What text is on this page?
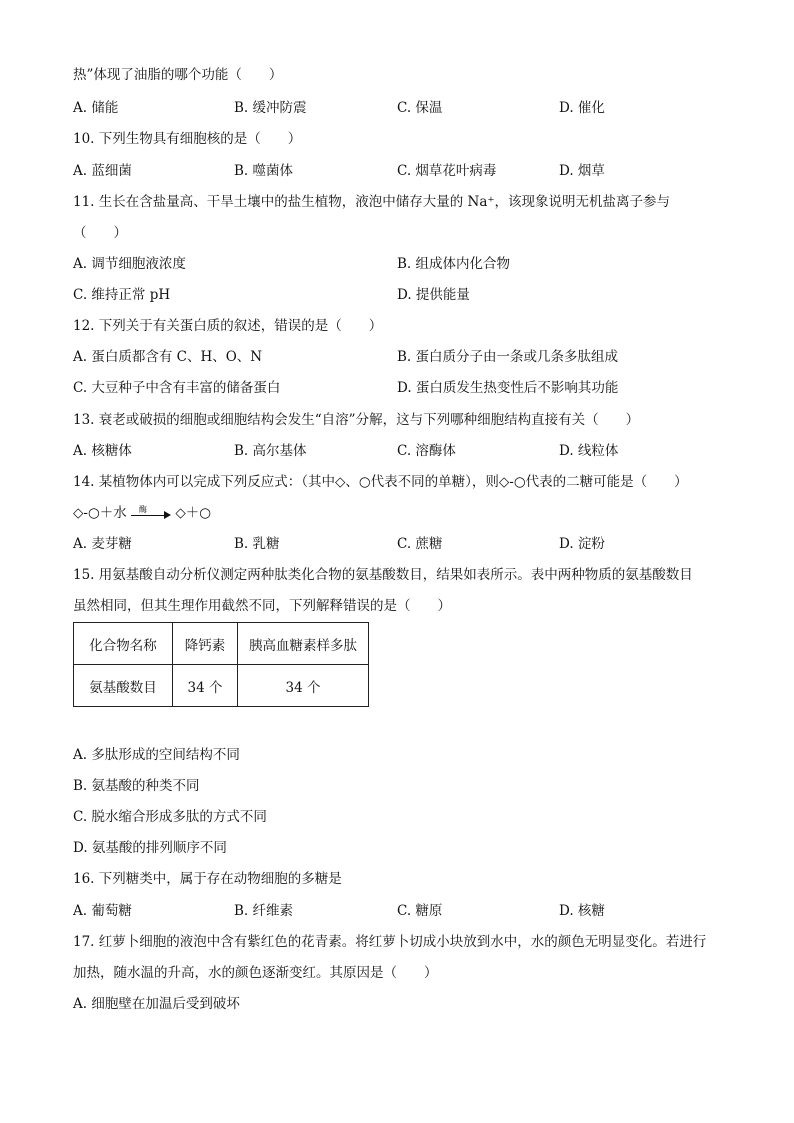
热”体现了油脂的哪个功能（　　）
A. 储能	B. 缓冲防震	C. 保温	D. 催化
10. 下列生物具有细胞核的是（　　）
A. 蓝细菌	B. 噬菌体	C. 烟草花叶病毒	D. 烟草
11. 生长在含盐量高、干旱土壤中的盐生植物，液泡中储存大量的 Na⁺，该现象说明无机盐离子参与
（　　）
A. 调节细胞液浓度	B. 组成体内化合物
C. 维持正常 pH	D. 提供能量
12. 下列关于有关蛋白质的叙述，错误的是（　　）
A. 蛋白质都含有 C、H、O、N	B. 蛋白质分子由一条或几条多肽组成
C. 大豆种子中含有丰富的储备蛋白	D. 蛋白质发生热变性后不影响其功能
13. 衰老或破损的细胞或细胞结构会发生“自溶”分解，这与下列哪种细胞结构直接有关（　　）
A. 核糖体	B. 高尔基体	C. 溶酶体	D. 线粒体
14. 某植物体内可以完成下列反应式：（其中◇、○代表不同的单糖），则◇-○代表的二糖可能是（　　）
◇-○＋水 酶 ◇＋○
A. 麦芽糖	B. 乳糖	C. 蔗糖	D. 淀粉
15. 用氨基酸自动分析仪测定两种肽类化合物的氨基酸数目，结果如表所示。表中两种物质的氨基酸数目
虽然相同，但其生理作用截然不同，下列解释错误的是（　　）
化合物名称	降钙素	胰高血糖素样多肽
氨基酸数目	34 个	34 个
A. 多肽形成的空间结构不同
B. 氨基酸的种类不同
C. 脱水缩合形成多肽的方式不同
D. 氨基酸的排列顺序不同
16. 下列糖类中，属于存在动物细胞的多糖是
A. 葡萄糖	B. 纤维素	C. 糖原	D. 核糖
17. 红萝卜细胞的液泡中含有紫红色的花青素。将红萝卜切成小块放到水中，水的颜色无明显变化。若进行
加热，随水温的升高，水的颜色逐渐变红。其原因是（　　）
A. 细胞壁在加温后受到破坏
